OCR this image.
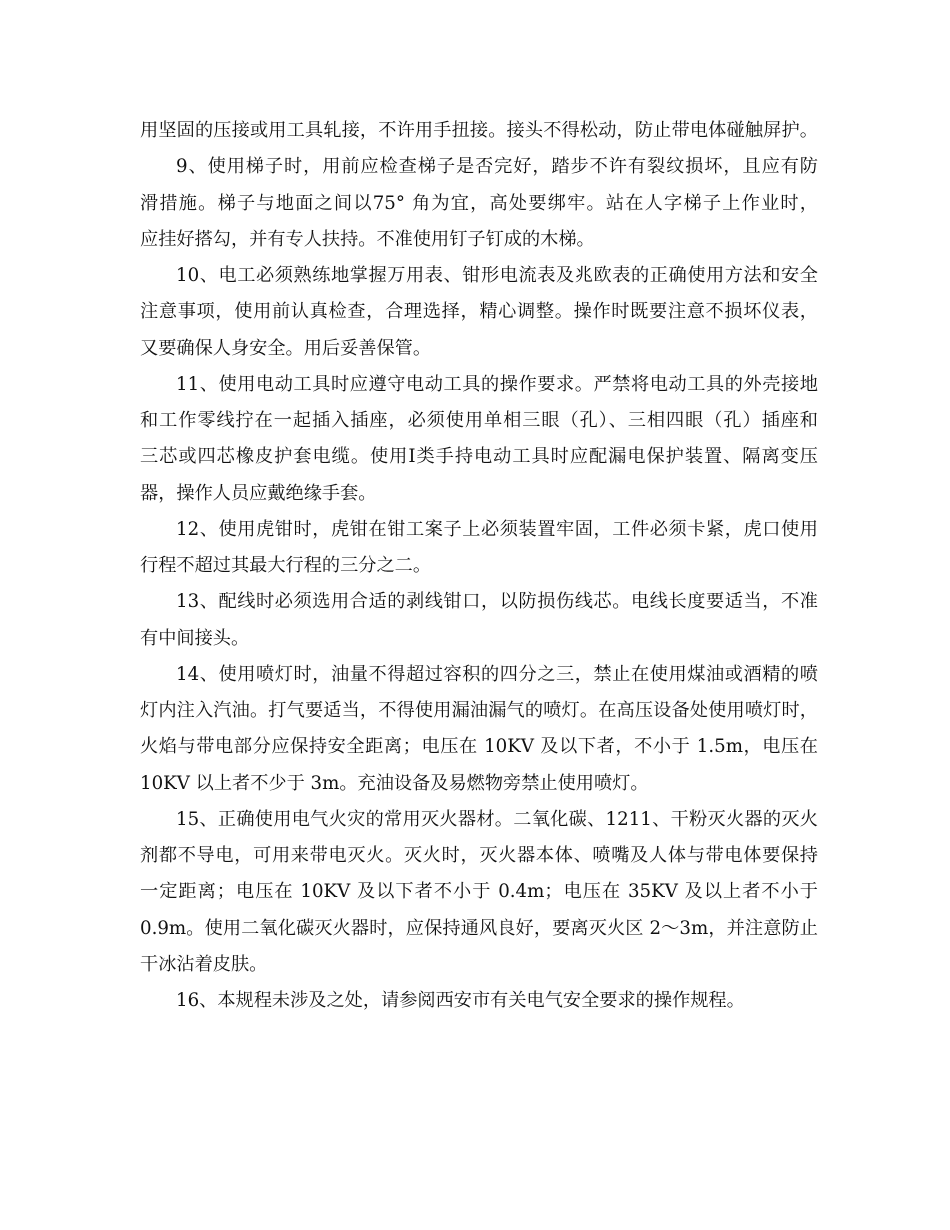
用坚固的压接或用工具轧接，不许用手扭接。接头不得松动，防止带电体碰触屏护。
9、使用梯子时，用前应检查梯子是否完好，踏步不许有裂纹损坏，且应有防
滑措施。梯子与地面之间以75° 角为宜，高处要绑牢。站在人字梯子上作业时，
应挂好搭勾，并有专人扶持。不准使用钉子钉成的木梯。
10、电工必须熟练地掌握万用表、钳形电流表及兆欧表的正确使用方法和安全
注意事项，使用前认真检查，合理选择，精心调整。操作时既要注意不损坏仪表，
又要确保人身安全。用后妥善保管。
11、使用电动工具时应遵守电动工具的操作要求。严禁将电动工具的外壳接地
和工作零线拧在一起插入插座，必须使用单相三眼（孔）、三相四眼（孔）插座和
三芯或四芯橡皮护套电缆。使用Ⅰ类手持电动工具时应配漏电保护装置、隔离变压
器，操作人员应戴绝缘手套。
12、使用虎钳时，虎钳在钳工案子上必须装置牢固，工件必须卡紧，虎口使用
行程不超过其最大行程的三分之二。
13、配线时必须选用合适的剥线钳口，以防损伤线芯。电线长度要适当，不准
有中间接头。
14、使用喷灯时，油量不得超过容积的四分之三，禁止在使用煤油或酒精的喷
灯内注入汽油。打气要适当，不得使用漏油漏气的喷灯。在高压设备处使用喷灯时，
火焰与带电部分应保持安全距离；电压在 10KV 及以下者，不小于 1.5m，电压在
10KV 以上者不少于 3m。充油设备及易燃物旁禁止使用喷灯。
15、正确使用电气火灾的常用灭火器材。二氧化碳、1211、干粉灭火器的灭火
剂都不导电，可用来带电灭火。灭火时，灭火器本体、喷嘴及人体与带电体要保持
一定距离；电压在 10KV 及以下者不小于 0.4m；电压在 35KV 及以上者不小于
0.9m。使用二氧化碳灭火器时，应保持通风良好，要离灭火区 2～3m，并注意防止
干冰沾着皮肤。
16、本规程未涉及之处，请参阅西安市有关电气安全要求的操作规程。
